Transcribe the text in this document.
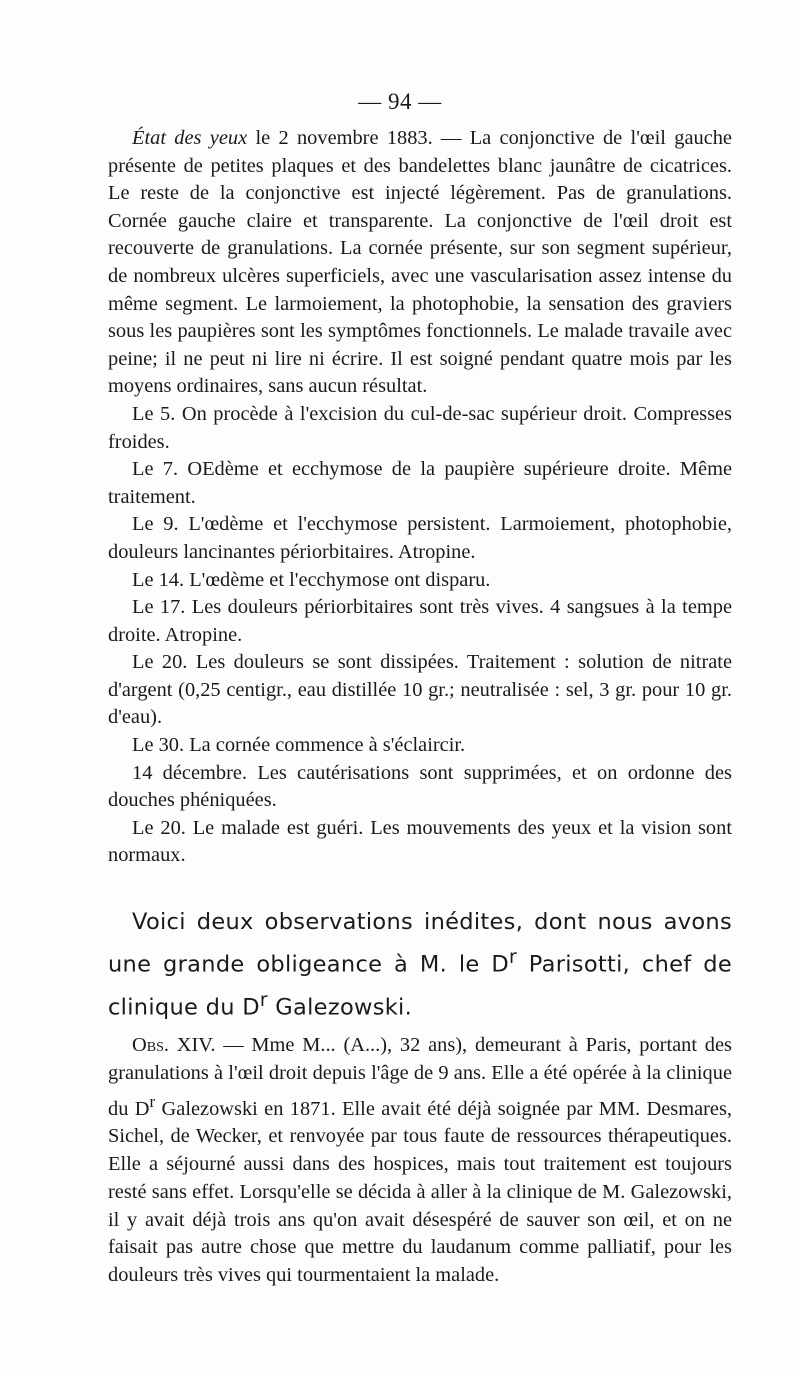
— 94 —

État des yeux le 2 novembre 1883. — La conjonctive de l'œil gauche présente de petites plaques et des bandelettes blanc jaunâtre de cicatrices. Le reste de la conjonctive est injecté légèrement. Pas de granulations. Cornée gauche claire et transparente. La conjonctive de l'œil droit est recouverte de granulations. La cornée présente, sur son segment supérieur, de nombreux ulcères superficiels, avec une vascularisation assez intense du même segment. Le larmoiement, la photophobie, la sensation des graviers sous les paupières sont les symptômes fonctionnels. Le malade travaile avec peine; il ne peut ni lire ni écrire. Il est soigné pendant quatre mois par les moyens ordinaires, sans aucun résultat.

Le 5. On procède à l'excision du cul-de-sac supérieur droit. Compresses froides.

Le 7. OEdème et ecchymose de la paupière supérieure droite. Même traitement.

Le 9. L'œdème et l'ecchymose persistent. Larmoiement, photophobie, douleurs lancinantes périorbitaires. Atropine.

Le 14. L'œdème et l'ecchymose ont disparu.

Le 17. Les douleurs périorbitaires sont très vives. 4 sangsues à la tempe droite. Atropine.

Le 20. Les douleurs se sont dissipées. Traitement : solution de nitrate d'argent (0,25 centigr., eau distillée 10 gr.; neutralisée : sel, 3 gr. pour 10 gr. d'eau).

Le 30. La cornée commence à s'éclaircir.

14 décembre. Les cautérisations sont supprimées, et on ordonne des douches phéniquées.

Le 20. Le malade est guéri. Les mouvements des yeux et la vision sont normaux.

Voici deux observations inédites, dont nous avons une grande obligeance à M. le $D^r$ Parisotti, chef de clinique du $D^r$ Galezowski.

Obs. XIV. — Mme M... (A...), 32 ans), demeurant à Paris, portant des granulations à l'œil droit depuis l'âge de 9 ans. Elle a été opérée à la clinique du $D^r$ Galezowski en 1871. Elle avait été déjà soignée par MM. Desmares, Sichel, de Wecker, et renvoyée par tous faute de ressources thérapeutiques. Elle a séjourné aussi dans des hospices, mais tout traitement est toujours resté sans effet. Lorsqu'elle se décida à aller à la clinique de M. Galezowski, il y avait déjà trois ans qu'on avait désespéré de sauver son œil, et on ne faisait pas autre chose que mettre du laudanum comme palliatif, pour les douleurs très vives qui tourmentaient la malade.
